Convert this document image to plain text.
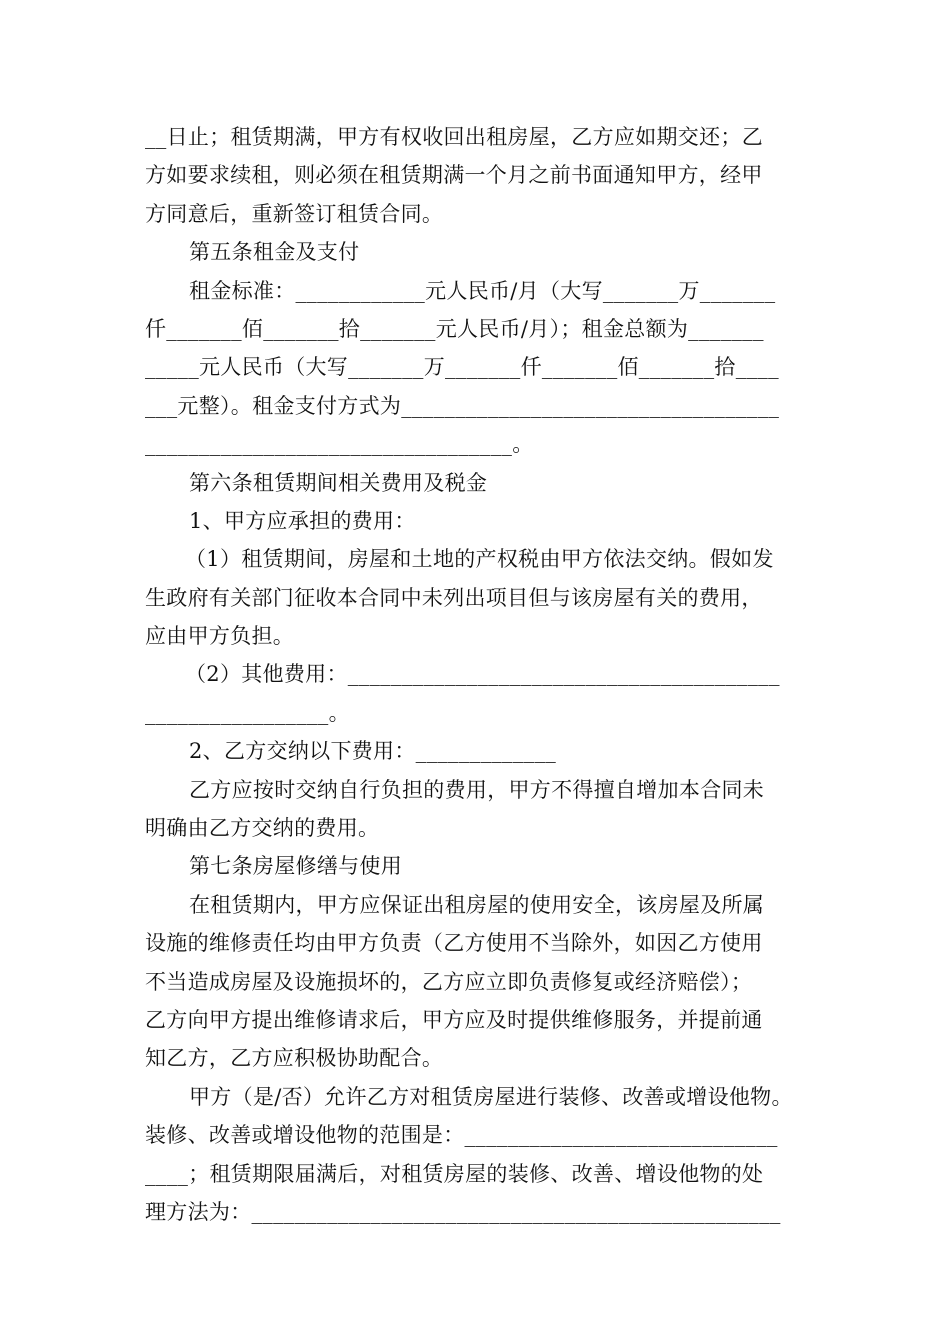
__日止；租赁期满，甲方有权收回出租房屋，乙方应如期交还；乙
方如要求续租，则必须在租赁期满一个月之前书面通知甲方，经甲
方同意后，重新签订租赁合同。
第五条租金及支付
租金标准：____________元人民币/月（大写_______万_______
仟_______佰_______拾_______元人民币/月）；租金总额为_______
_____元人民币（大写_______万_______仟_______佰_______拾____
___元整）。租金支付方式为___________________________________
__________________________________。
第六条租赁期间相关费用及税金
1、甲方应承担的费用：
（1）租赁期间，房屋和土地的产权税由甲方依法交纳。假如发
生政府有关部门征收本合同中未列出项目但与该房屋有关的费用，
应由甲方负担。
（2）其他费用：________________________________________
_________________。
2、乙方交纳以下费用：_____________
乙方应按时交纳自行负担的费用，甲方不得擅自增加本合同未
明确由乙方交纳的费用。
第七条房屋修缮与使用
在租赁期内，甲方应保证出租房屋的使用安全，该房屋及所属
设施的维修责任均由甲方负责（乙方使用不当除外，如因乙方使用
不当造成房屋及设施损坏的，乙方应立即负责修复或经济赔偿）；
乙方向甲方提出维修请求后，甲方应及时提供维修服务，并提前通
知乙方，乙方应积极协助配合。
甲方（是/否）允许乙方对租赁房屋进行装修、改善或增设他物。
装修、改善或增设他物的范围是：_____________________________
____；租赁期限届满后，对租赁房屋的装修、改善、增设他物的处
理方法为：_________________________________________________
